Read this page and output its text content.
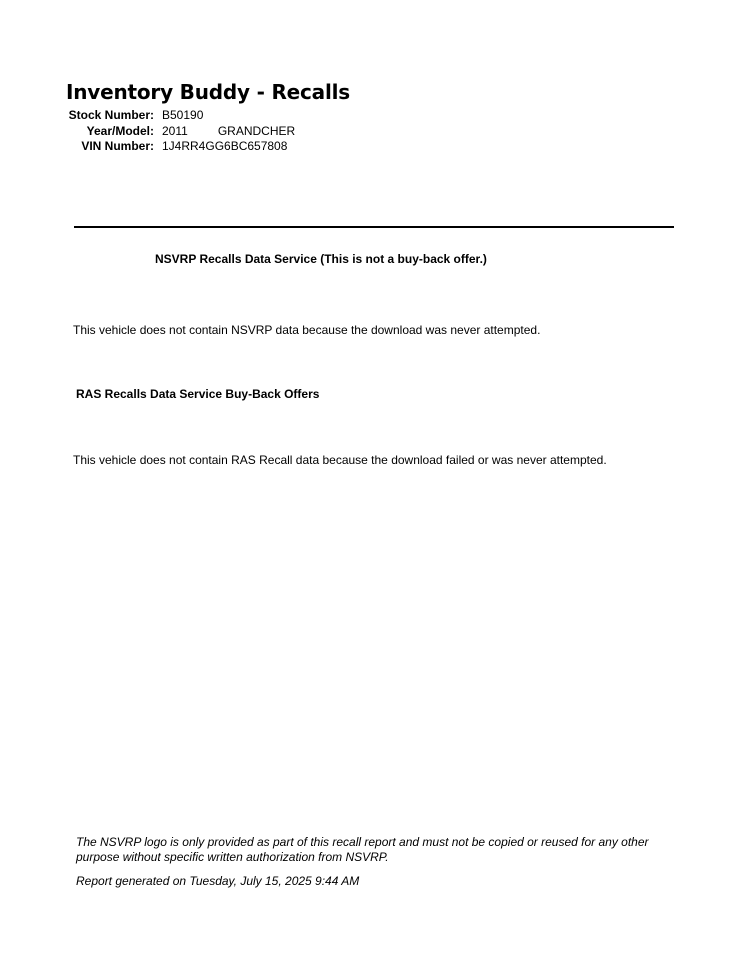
Inventory Buddy - Recalls
Stock Number: B50190
Year/Model: 2011	GRANDCHER
VIN Number: 1J4RR4GG6BC657808
NSVRP Recalls Data Service (This is not a buy-back offer.)
This vehicle does not contain NSVRP data because the download was never attempted.
RAS Recalls Data Service Buy-Back Offers
This vehicle does not contain RAS Recall data because the download failed or was never attempted.
The NSVRP logo is only provided as part of this recall report and must not be copied or reused for any other purpose without specific written authorization from NSVRP.
Report generated on Tuesday, July 15, 2025 9:44 AM
